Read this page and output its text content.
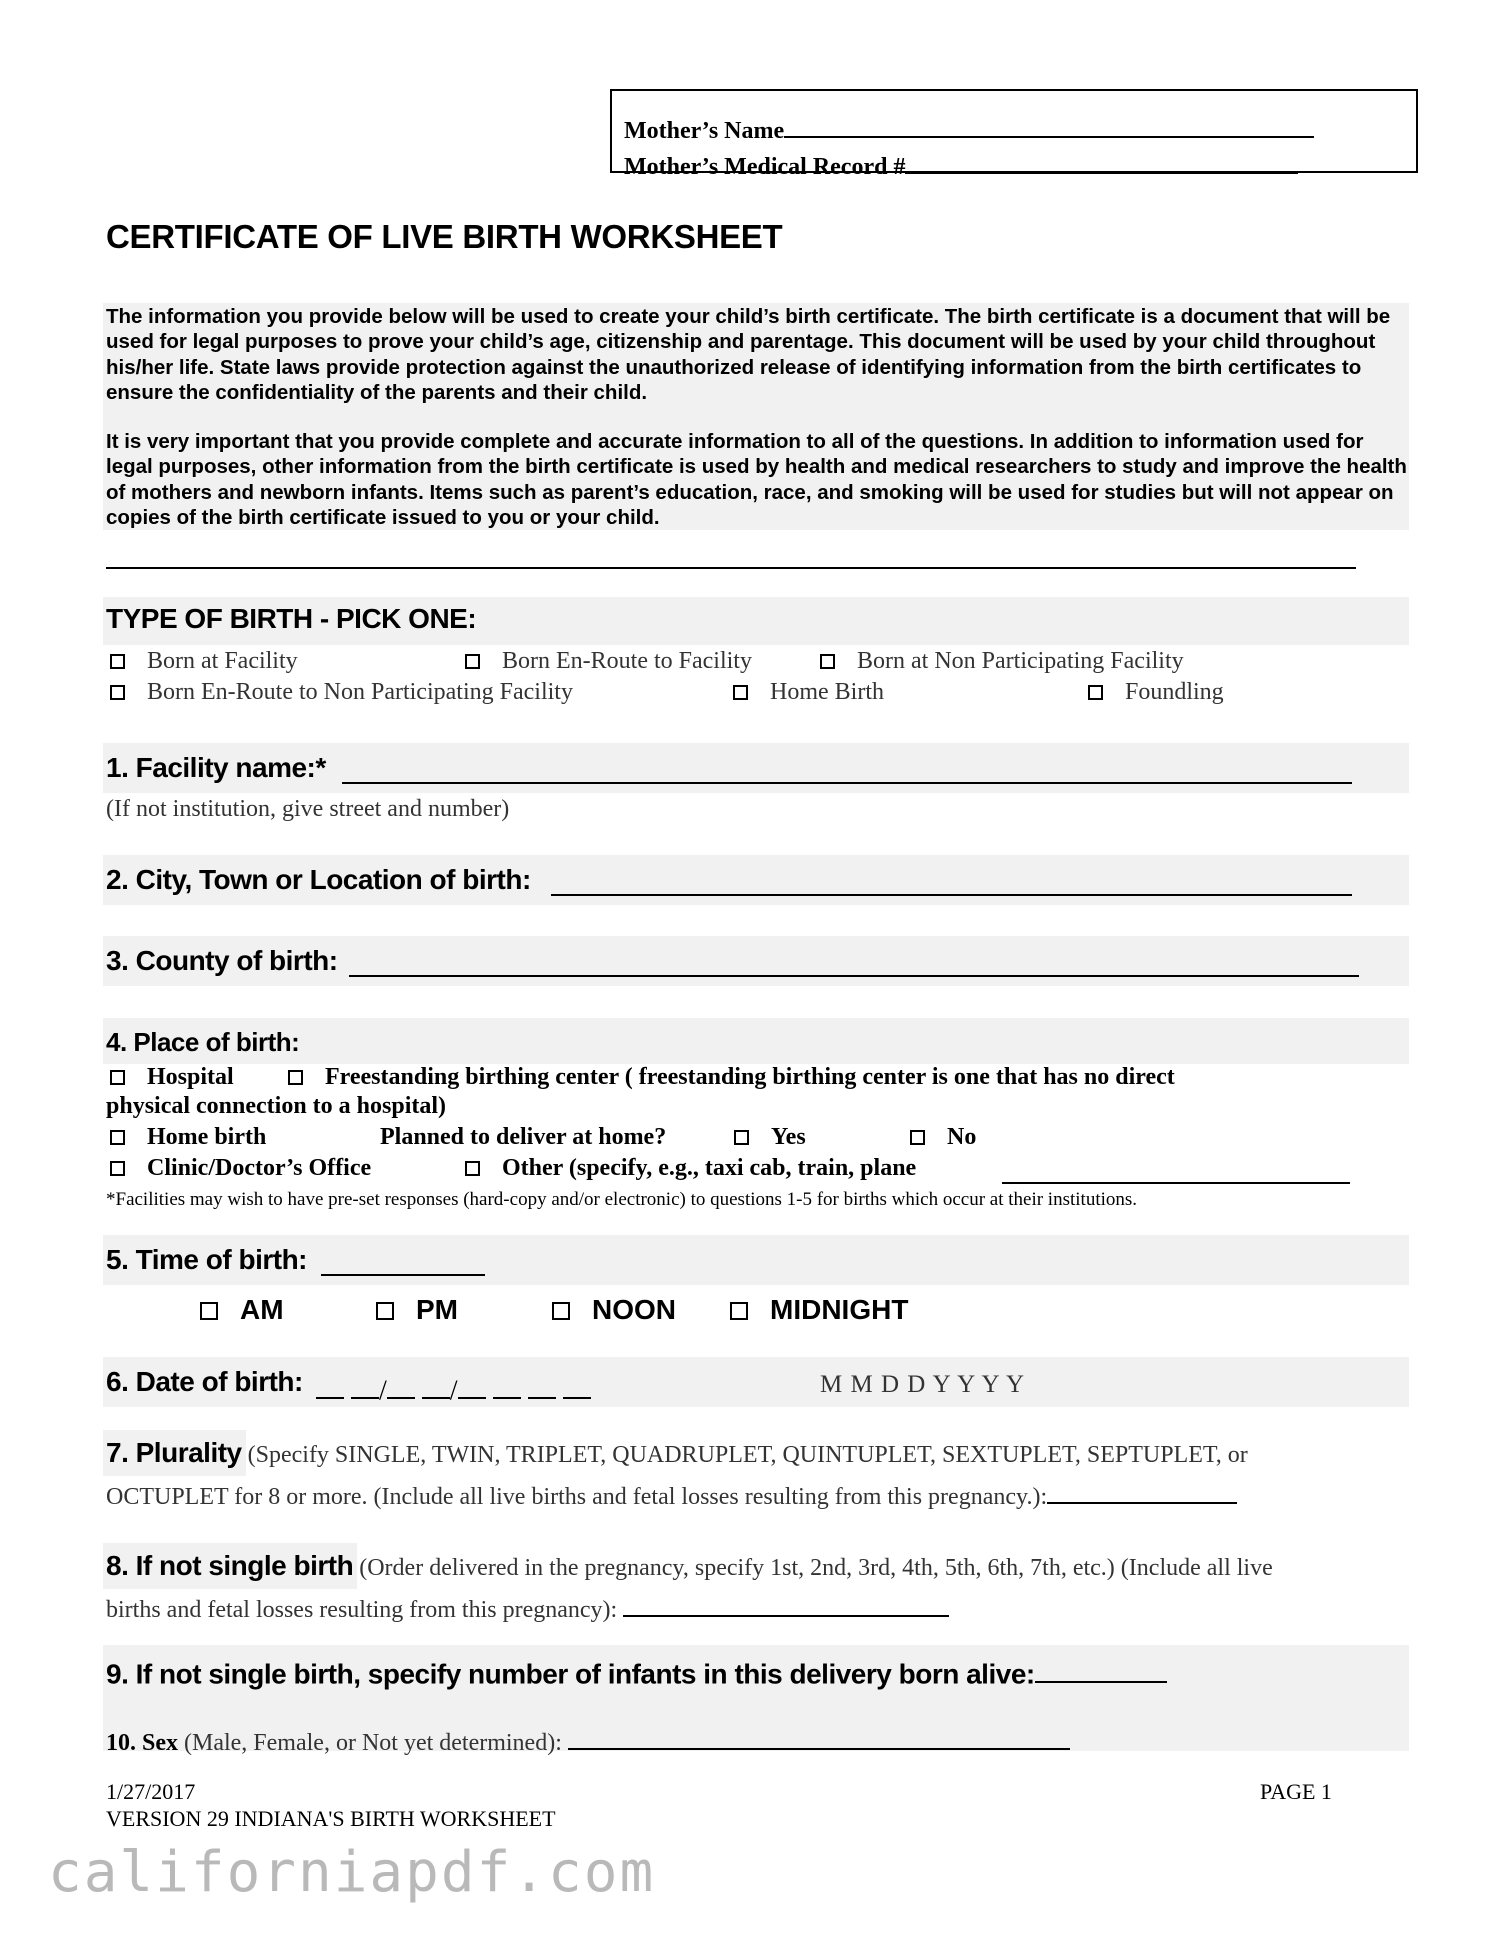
Mother’s Name
Mother’s Medical Record #
CERTIFICATE OF LIVE BIRTH WORKSHEET

The information you provide below will be used to create your child’s birth certificate. The birth certificate is a document that will be used for legal purposes to prove your child’s age, citizenship and parentage. This document will be used by your child throughout his/her life. State laws provide protection against the unauthorized release of identifying information from the birth certificates to ensure the confidentiality of the parents and their child.

It is very important that you provide complete and accurate information to all of the questions. In addition to information used for legal purposes, other information from the birth certificate is used by health and medical researchers to study and improve the health of mothers and newborn infants. Items such as parent’s education, race, and smoking will be used for studies but will not appear on copies of the birth certificate issued to you or your child.

TYPE OF BIRTH - PICK ONE:
Born at Facility	Born En-Route to Facility	Born at Non Participating Facility
Born En-Route to Non Participating Facility	Home Birth	Foundling
1. Facility name:*
(If not institution, give street and number)
2. City, Town or Location of birth:
3. County of birth:
4. Place of birth:
Hospital	Freestanding birthing center ( freestanding birthing center is one that has no direct
physical connection to a hospital)
Home birth	Planned to deliver at home?	Yes	No
Clinic/Doctor’s Office	Other (specify, e.g., taxi cab, train, plane
*Facilities may wish to have pre-set responses (hard-copy and/or electronic) to questions 1-5 for births which occur at their institutions.
5. Time of birth:
AM	PM	NOON	MIDNIGHT
6. Date of birth:	/ /	M M D D Y Y Y Y
7. Plurality (Specify SINGLE, TWIN, TRIPLET, QUADRUPLET, QUINTUPLET, SEXTUPLET, SEPTUPLET, or
OCTUPLET for 8 or more. (Include all live births and fetal losses resulting from this pregnancy.):
8. If not single birth (Order delivered in the pregnancy, specify 1st, 2nd, 3rd, 4th, 5th, 6th, 7th, etc.) (Include all live
births and fetal losses resulting from this pregnancy):
9. If not single birth, specify number of infants in this delivery born alive:
10. Sex (Male, Female, or Not yet determined):
1/27/2017
VERSION 29 INDIANA'S BIRTH WORKSHEET
PAGE 1
californiapdf.com
